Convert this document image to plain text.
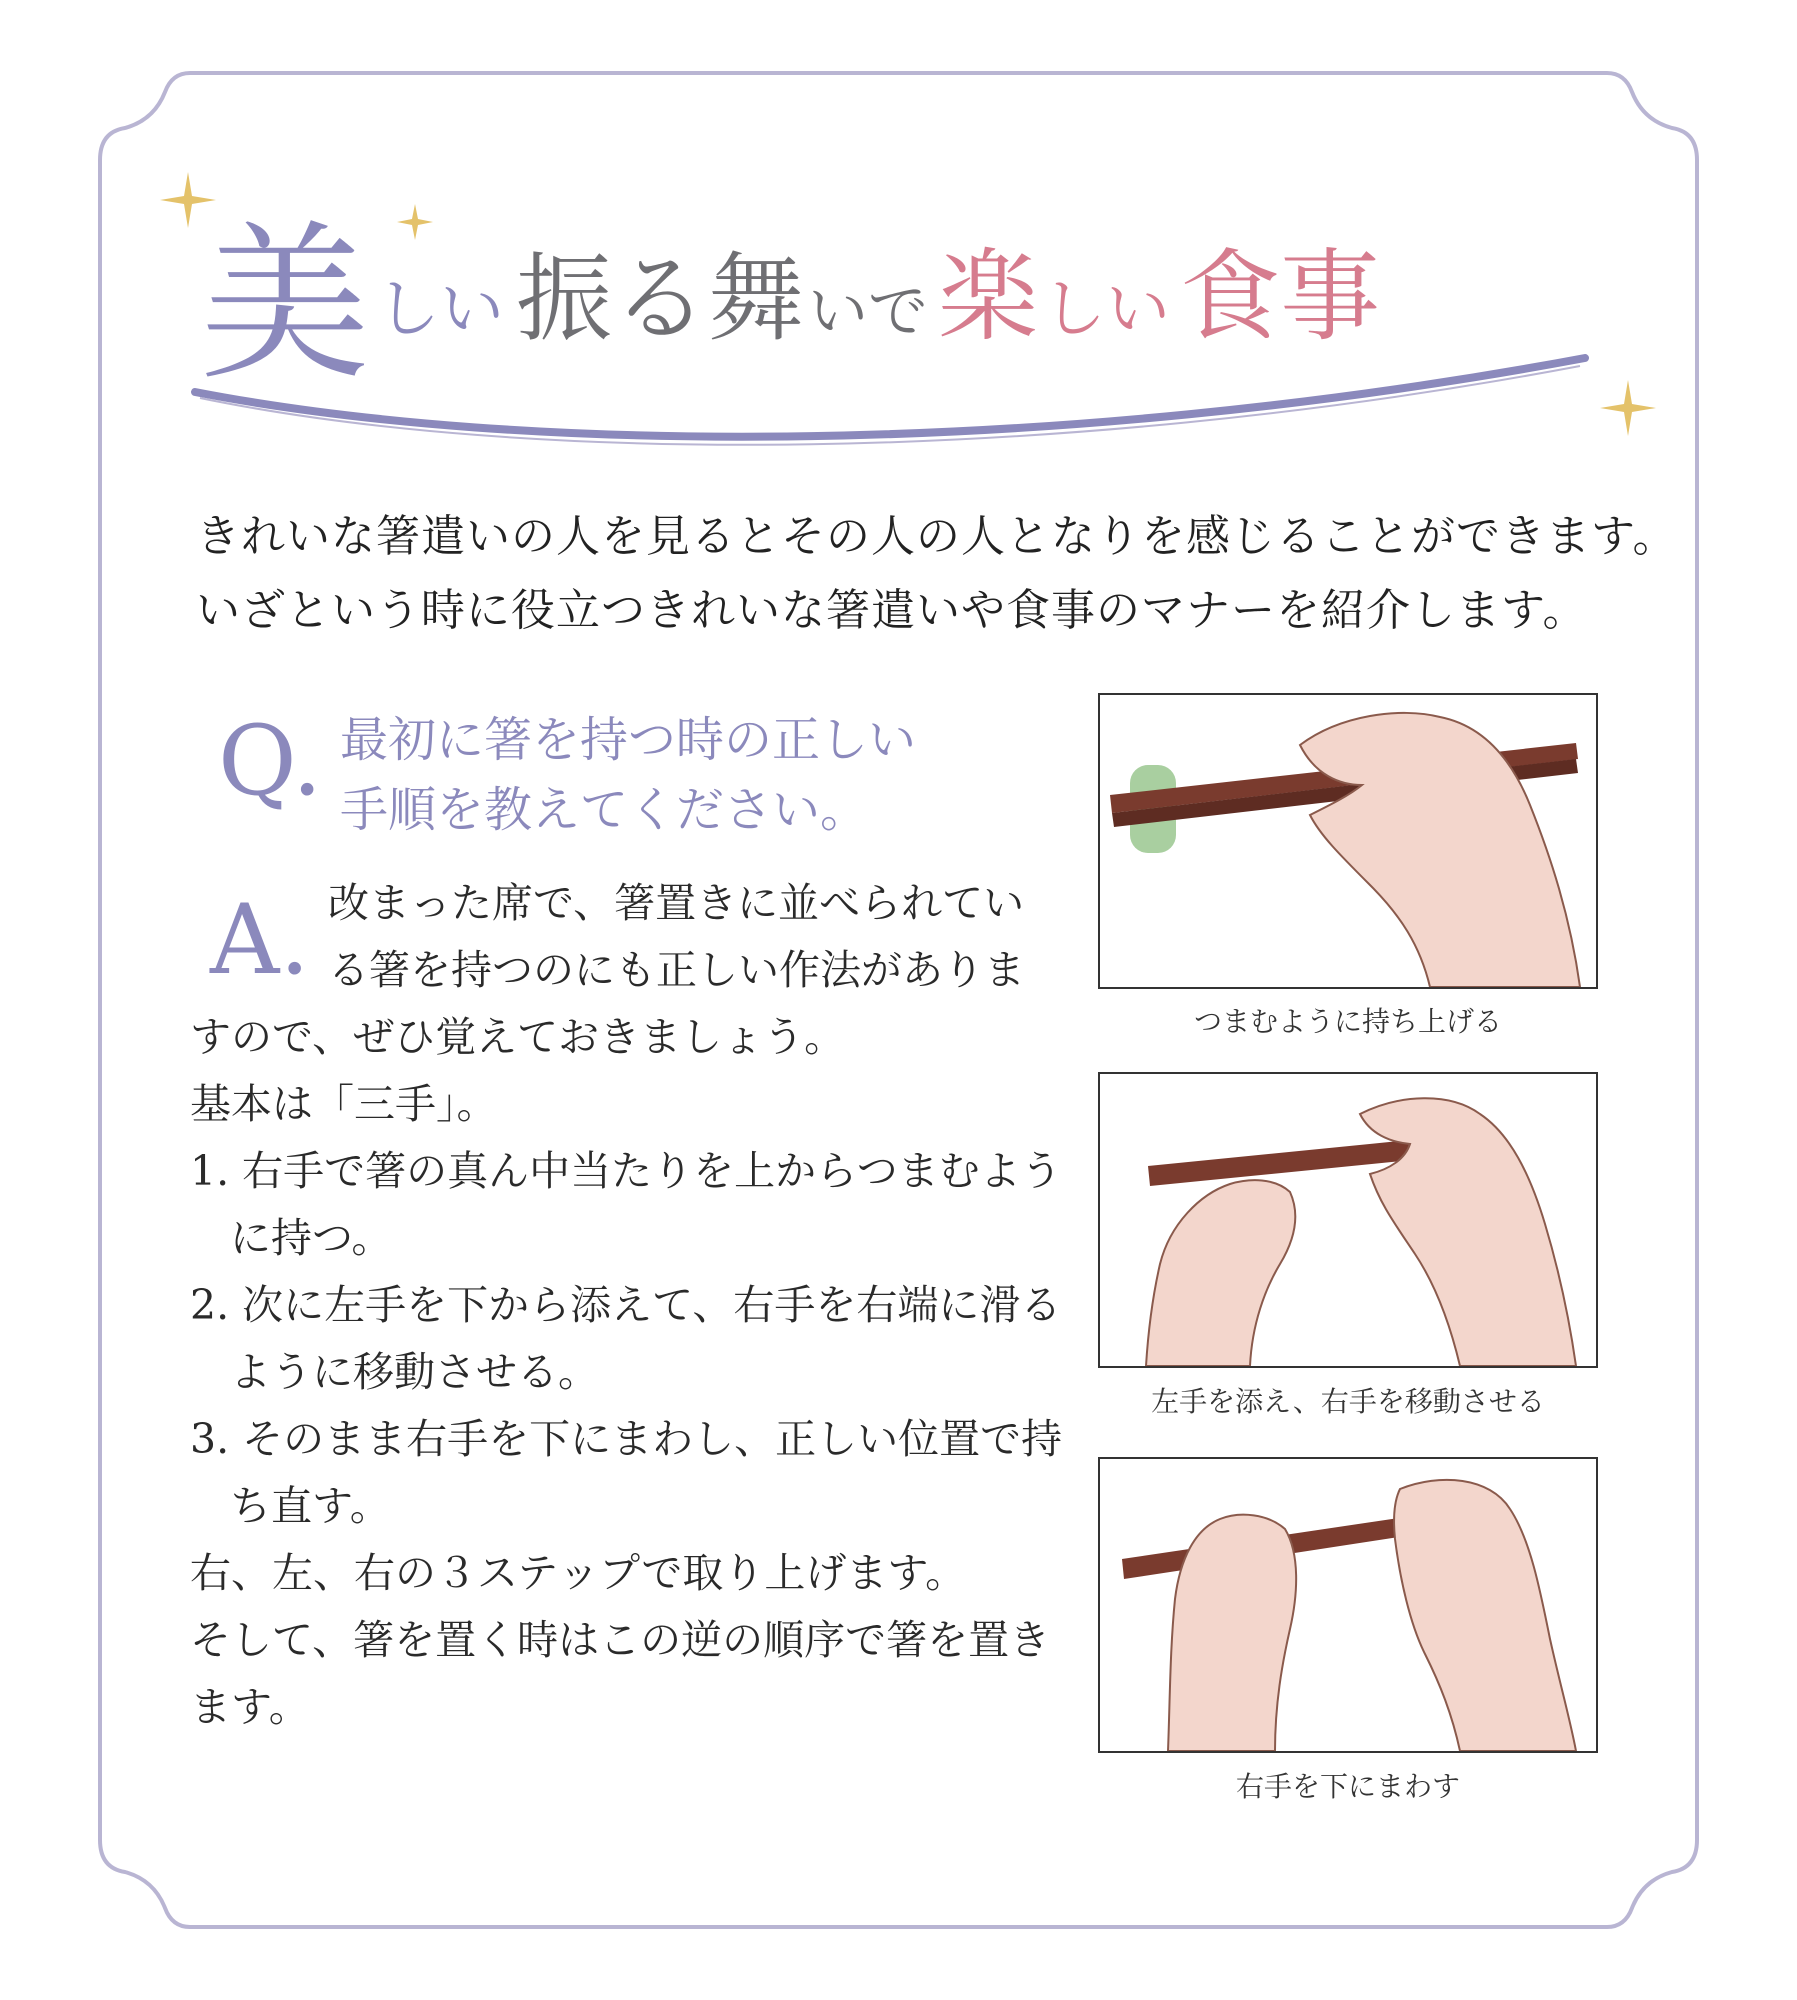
美 しい 振る舞 いで 楽 しい 食事

きれいな箸遣いの人を見るとその人の人となりを感じることができます。

いざという時に役立つきれいな箸遣いや食事のマナーを紹介します。

Q. 最初に箸を持つ時の正しい

手順を教えてください。

A. 改まった席で、箸置きに並べられてい

る箸を持つのにも正しい作法がありま

すので、ぜひ覚えておきましょう。

基本は「三手」。

1. 右手で箸の真ん中当たりを上からつまむよう

に持つ。

2. 次に左手を下から添えて、右手を右端に滑る

ように移動させる。

3. そのまま右手を下にまわし、正しい位置で持

ち直す。

右、左、右の３ステップで取り上げます。

そして、箸を置く時はこの逆の順序で箸を置き

ます。

つまむように持ち上げる
左手を添え、右手を移動させる
右手を下にまわす
